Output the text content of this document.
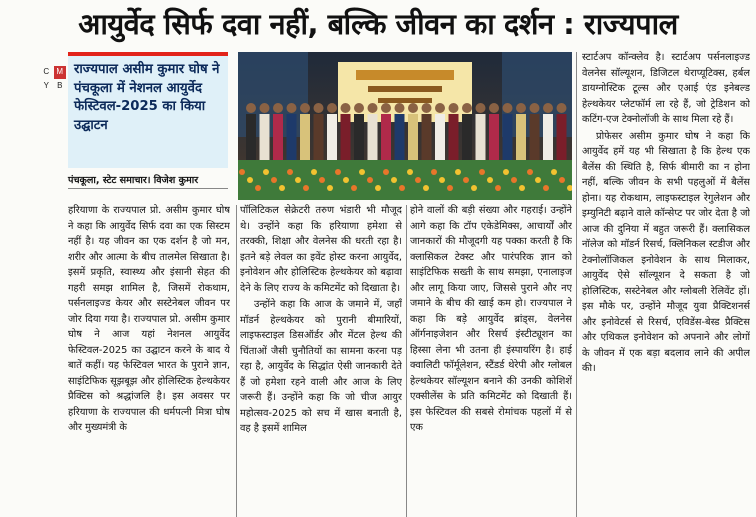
आयुर्वेद सिर्फ दवा नहीं, बल्कि जीवन का दर्शन : राज्यपाल
C M
Y	B
राज्यपाल असीम कुमार घोष ने पंचकूला में नेशनल आयुर्वेद फेस्टिवल-2025 का किया उद्घाटन
पंचकूला, स्टेट समाचार। विजेश कुमार

हरियाणा के राज्यपाल प्रो. असीम कुमार घोष ने कहा कि आयुर्वेद सिर्फ दवा का एक सिस्टम नहीं है। यह जीवन का एक दर्शन है जो मन, शरीर और आत्मा के बीच तालमेल सिखाता है। इसमें प्रकृति, स्वास्थ्य और इंसानी सेहत की गहरी समझ शामिल है, जिसमें रोकथाम, पर्सनलाइज्ड केयर और सस्टेनेबल जीवन पर जोर दिया गया है। राज्यपाल प्रो. असीम कुमार घोष ने आज यहां नेशनल आयुर्वेद फेस्टिवल-2025 का उद्घाटन करने के बाद ये बातें कहीं। यह फेस्टिवल भारत के पुराने ज्ञान, साइंटिफिक सूझबूझ और होलिस्टिक हेल्थकेयर प्रैक्टिस को श्रद्धांजलि है। इस अवसर पर हरियाणा के राज्यपाल की धर्मपत्नी मित्रा घोष और मुख्यमंत्री के

पॉलिटिकल सेक्रेटरी तरुण भंडारी भी मौजूद थे। उन्होंने कहा कि हरियाणा हमेशा से तरक्की, शिक्षा और वेलनेस की धरती रहा है। इतने बड़े लेवल का इवेंट होस्ट करना आयुर्वेद, इनोवेशन और होलिस्टिक हेल्थकेयर को बढ़ावा देने के लिए राज्य के कमिटमेंट को दिखाता है।

उन्होंने कहा कि आज के जमाने में, जहाँ मॉडर्न हेल्थकेयर को पुरानी बीमारियों, लाइफस्टाइल डिसऑर्डर और मेंटल हेल्थ की चिंताओं जैसी चुनौतियों का सामना करना पड़ रहा है, आयुर्वेद के सिद्धांत ऐसी जानकारी देते हैं जो हमेशा रहने वाली और आज के लिए जरूरी हैं। उन्होंने कहा कि जो चीज आयुर महोत्सव-2025 को सच में खास बनाती है, वह है इसमें शामिल

होने वालों की बड़ी संख्या और गहराई। उन्होंने आगे कहा कि टॉप एकेडेमिक्स, आचार्यों और जानकारों की मौजूदगी यह पक्का करती है कि क्लासिकल टेक्स्ट और पारंपरिक ज्ञान को साइंटिफिक सख्ती के साथ समझा, एनालाइज और लागू किया जाए, जिससे पुराने और नए जमाने के बीच की खाई कम हो। राज्यपाल ने कहा कि बड़े आयुर्वेद ब्रांड्स, वेलनेस ऑर्गनाइजेशन और रिसर्च इंस्टीट्यूशन का हिस्सा लेना भी उतना ही इंस्पायरिंग है। हाई क्वालिटी फॉर्मूलेशन, स्टैंडर्ड थेरेपी और ग्लोबल हेल्थकेयर सॉल्यूशन बनाने की उनकी कोशिशें एक्सीलेंस के प्रति कमिटमेंट को दिखाती हैं। इस फेस्टिवल की सबसे रोमांचक पहलों में से एक

स्टार्टअप कॉन्क्लेव है। स्टार्टअप पर्सनलाइज्ड वेलनेस सॉल्यूशन, डिजिटल थेराप्यूटिक्स, हर्बल डायग्नोस्टिक टूल्स और एआई एंड इनेबल्ड हेल्थकेयर प्लेटफॉर्म ला रहे हैं, जो ट्रेडिशन को कटिंग-एज टेक्नोलॉजी के साथ मिला रहे हैं।

प्रोफेसर असीम कुमार घोष ने कहा कि आयुर्वेद हमें यह भी सिखाता है कि हेल्थ एक बैलेंस की स्थिति है, सिर्फ बीमारी का न होना नहीं, बल्कि जीवन के सभी पहलुओं में बैलेंस होना। यह रोकथाम, लाइफस्टाइल रेगुलेशन और इम्युनिटी बढ़ाने वाले कॉन्सेप्ट पर जोर देता है जो आज की दुनिया में बहुत जरूरी हैं। क्लासिकल नॉलेज को मॉडर्न रिसर्च, क्लिनिकल स्टडीज और टेक्नोलॉजिकल इनोवेशन के साथ मिलाकर, आयुर्वेद ऐसे सॉल्यूशन दे सकता है जो होलिस्टिक, सस्टेनेबल और ग्लोबली रेलिवेंट हों। इस मौके पर, उन्होंने मौजूद युवा प्रैक्टिशनर्स और इनोवेटर्स से रिसर्च, एविडेंस-बेस्ड प्रैक्टिस और एथिकल इनोवेशन को अपनाने और लोगों के जीवन में एक बड़ा बदलाव लाने की अपील की।
